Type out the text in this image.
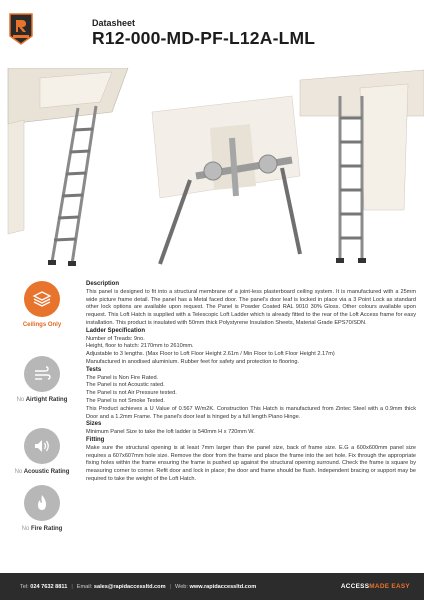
Datasheet
R12-000-MD-PF-L12A-LML
Ceilings Only
No Airtight Rating
No Acoustic Rating
No Fire Rating
Description

This panel is designed to fit into a structural membrane of a joint-less plasterboard ceiling system. It is manufactured with a 25mm wide picture frame detail. The panel has a Metal faced door. The panel's door leaf is locked in place via a 3 Point Lock as standard other lock options are available upon request. The Panel is Powder Coated RAL 9010 30% Gloss. Other colours available upon request. This Loft Hatch is supplied with a Telescopic Loft Ladder which is already fitted to the rear of the Loft Access frame for easy installation. This product is insulated with 50mm thick Polystyrene Insulation Sheets, Material Grade EPS70/SDN.

Ladder Specification

Number of Treads: 9no.

Height, floor to hatch: 2170mm to 2610mm.

Adjustable to 3 lengths. (Max Floor to Loft Floor Height 2.61m / Min Floor to Loft Floor Height 2.17m)

Manufactured in anodised aluminium. Rubber feet for safety and protection to flooring.

Tests

The Panel is Non Fire Rated.

The Panel is not Acoustic rated.

The Panel is not Air Pressure tested.

The Panel is not Smoke Tested.

This Product achieves a U Value of 0.567 W/m2K. Construction This Hatch is manufactured from Zintec Steel with a 0.9mm thick Door and a 1.2mm Frame. The panel's door leaf is hinged by a full length Piano Hinge.

Sizes

Minimum Panel Size to take the loft ladder is 540mm H x 720mm W.

Fitting

Make sure the structural opening is at least 7mm larger than the panel size, back of frame size. E.G a 600x600mm panel size requires a 607x607mm hole size. Remove the door from the frame and place the frame into the set hole. Fix through the appropriate fixing holes within the frame ensuring the frame is pushed up against the structural opening surround. Check the frame is square by measuring corner to corner. Refit door and lock in place; the door and frame should be flush. Independent bracing or support may be required to take the weight of the Loft Hatch.

Tel:
024 7632 8811 | Email:
sales@rapidaccessltd.com | Web:
www.rapidaccessltd.com	ACCESSMADE EASY
